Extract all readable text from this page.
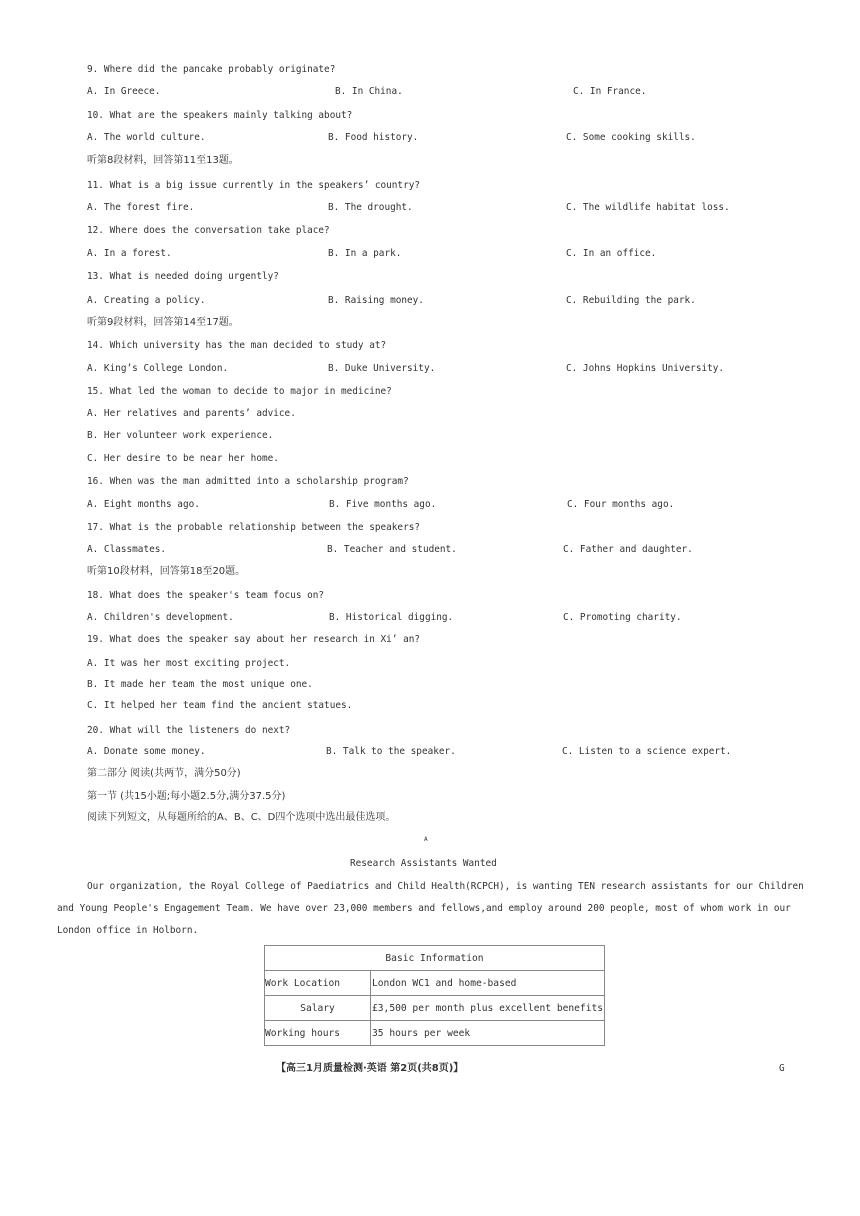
9. Where did the pancake probably originate?
A. In Greece.	B. In China.	C. In France.
10. What are the speakers mainly talking about?
A. The world culture.	B. Food history.	C. Some cooking skills.
听第8段材料，回答第11至13题。
11. What is a big issue currently in the speakers’ country?
A. The forest fire.	B. The drought.	C. The wildlife habitat loss.
12. Where does the conversation take place?
A. In a forest.	B. In a park.	C. In an office.
13. What is needed doing urgently?
A. Creating a policy.	B. Raising money.	C. Rebuilding the park.
听第9段材料，回答第14至17题。
14. Which university has the man decided to study at?
A. King’s College London.	B. Duke University.	C. Johns Hopkins University.
15. What led the woman to decide to major in medicine?
A. Her relatives and parents’ advice.
B. Her volunteer work experience.
C. Her desire to be near her home.
16. When was the man admitted into a scholarship program?
A. Eight months ago.	B. Five months ago.	C. Four months ago.
17. What is the probable relationship between the speakers?
A. Classmates.	B. Teacher and student.	C. Father and daughter.
听第10段材料，回答第18至20题。
18. What does the speaker's team focus on?
A. Children's development.	B. Historical digging.	C. Promoting charity.
19. What does the speaker say about her research in Xi’ an?
A. It was her most exciting project.
B. It made her team the most unique one.
C. It helped her team find the ancient statues.
20. What will the listeners do next?
A. Donate some money.	B. Talk to the speaker.	C. Listen to a science expert.
第二部分 阅读(共两节，满分50分)
第一节 (共15小题;每小题2.5分,满分37.5分)
阅读下列短文，从每题所给的A、B、C、D四个选项中选出最佳选项。
A
Research Assistants Wanted
Our organization, the Royal College of Paediatrics and Child Health(RCPCH), is wanting TEN research assistants for our Children
and Young People's Engagement Team. We have over 23,000 members and fellows,and employ around 200 people, most of whom work in our
London office in Holborn.
Basic Information	
Work Location	London WC1 and home-based
Salary	£3,500 per month plus excellent benefits
Working hours	35 hours per week
【高三1月质量检测·英语 第2页(共8页)】	G
